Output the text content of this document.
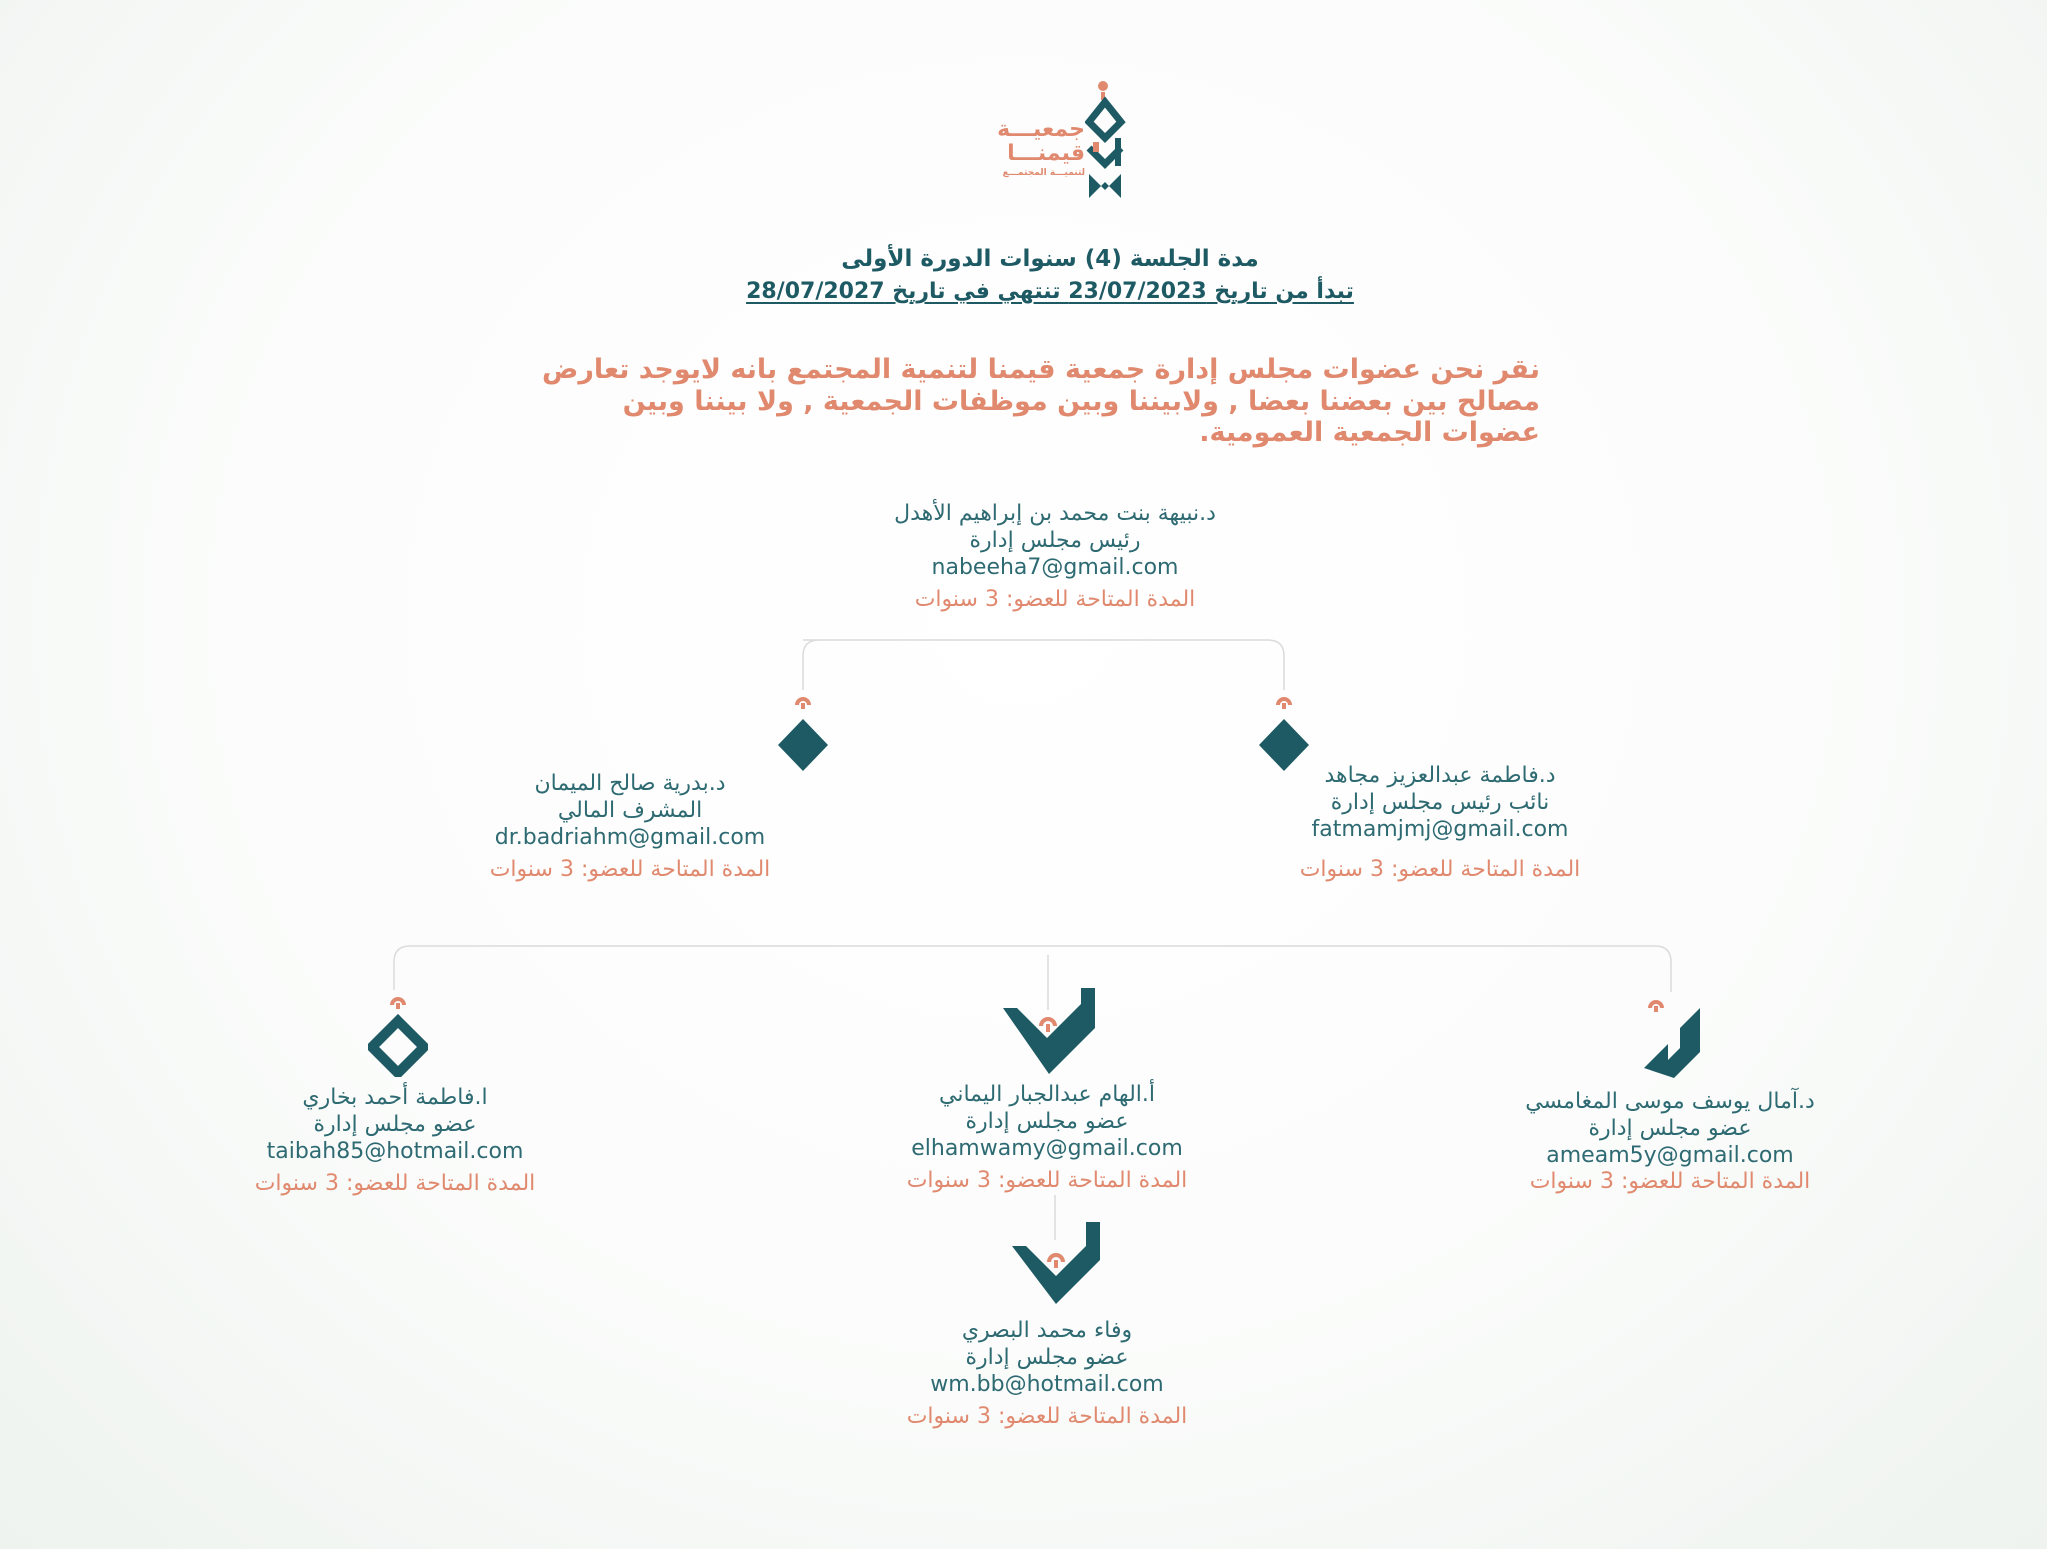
جمعيـــة
قيمنـــا
لتنميـــة المجتمـــع
مدة الجلسة (4) سنوات الدورة الأولى
تبدأ من تاريخ 23/07/2023 تنتهي في تاريخ 28/07/2027
نقر نحن عضوات مجلس إدارة جمعية قيمنا لتنمية المجتمع بانه لايوجد تعارض مصالح بين بعضنا بعضا , ولابيننا وبين موظفات الجمعية , ولا بيننا وبين عضوات الجمعية العمومية.
د.نبيهة بنت محمد بن إبراهيم الأهدل
رئيس مجلس إدارة
nabeeha7@gmail.com
المدة المتاحة للعضو: 3 سنوات
د.فاطمة عبدالعزيز مجاهد
نائب رئيس مجلس إدارة
fatmamjmj@gmail.com
المدة المتاحة للعضو: 3 سنوات
د.بدرية صالح الميمان
المشرف المالي
dr.badriahm@gmail.com
المدة المتاحة للعضو: 3 سنوات
د.آمال يوسف موسى المغامسي
عضو مجلس إدارة
ameam5y@gmail.com
المدة المتاحة للعضو: 3 سنوات
أ.الهام عبدالجبار اليماني
عضو مجلس إدارة
elhamwamy@gmail.com
المدة المتاحة للعضو: 3 سنوات
ا.فاطمة أحمد بخاري
عضو مجلس إدارة
taibah85@hotmail.com
المدة المتاحة للعضو: 3 سنوات
وفاء محمد البصري
عضو مجلس إدارة
wm.bb@hotmail.com
المدة المتاحة للعضو: 3 سنوات
